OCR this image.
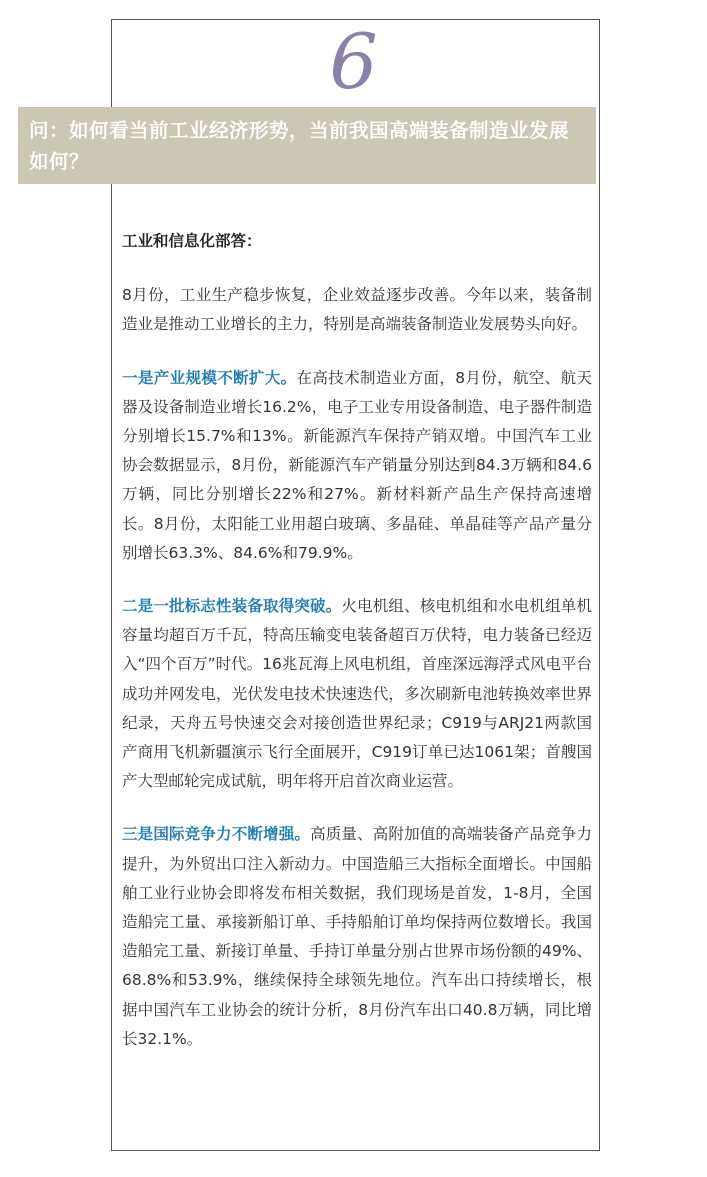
6
问：如何看当前工业经济形势，当前我国高端装备制造业发展如何？

工业和信息化部答：

8月份，工业生产稳步恢复，企业效益逐步改善。今年以来，装备制造业是推动工业增长的主力，特别是高端装备制造业发展势头向好。

一是产业规模不断扩大。在高技术制造业方面，8月份，航空、航天器及设备制造业增长16.2%，电子工业专用设备制造、电子器件制造分别增长15.7%和13%。新能源汽车保持产销双增。中国汽车工业协会数据显示，8月份，新能源汽车产销量分别达到84.3万辆和84.6万辆，同比分别增长22%和27%。新材料新产品生产保持高速增长。8月份，太阳能工业用超白玻璃、多晶硅、单晶硅等产品产量分别增长63.3%、84.6%和79.9%。

二是一批标志性装备取得突破。火电机组、核电机组和水电机组单机容量均超百万千瓦，特高压输变电装备超百万伏特，电力装备已经迈入“四个百万”时代。16兆瓦海上风电机组，首座深远海浮式风电平台成功并网发电，光伏发电技术快速迭代，多次刷新电池转换效率世界纪录，天舟五号快速交会对接创造世界纪录；C919与ARJ21两款国产商用飞机新疆演示飞行全面展开，C919订单已达1061架；首艘国产大型邮轮完成试航，明年将开启首次商业运营。

三是国际竞争力不断增强。高质量、高附加值的高端装备产品竞争力提升，为外贸出口注入新动力。中国造船三大指标全面增长。中国船舶工业行业协会即将发布相关数据，我们现场是首发，1-8月，全国造船完工量、承接新船订单、手持船舶订单均保持两位数增长。我国造船完工量、新接订单量、手持订单量分别占世界市场份额的49%、68.8%和53.9%，继续保持全球领先地位。汽车出口持续增长，根据中国汽车工业协会的统计分析，8月份汽车出口40.8万辆，同比增长32.1%。
